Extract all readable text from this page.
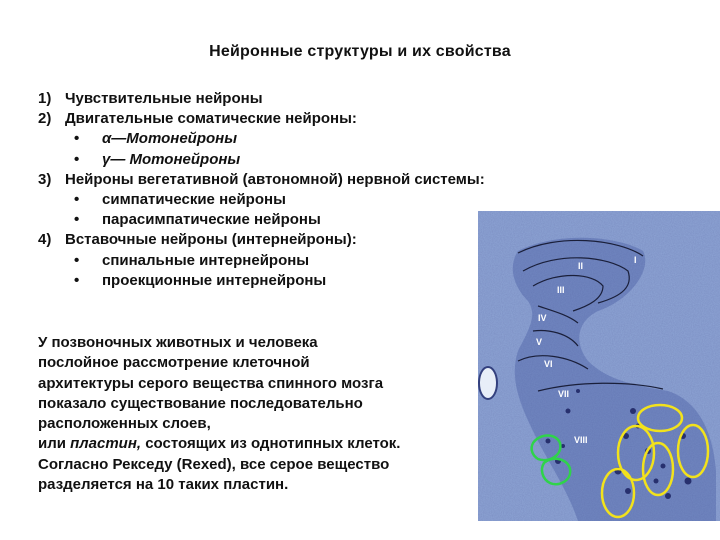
Нейронные структуры и их свойства
1) Чувствительные нейроны
2) Двигательные соматические нейроны:
• α—Мотонейроны
• γ— Мотонейроны
3) Нейроны вегетативной (автономной) нервной системы:
• симпатические нейроны
• парасимпатические нейроны
4) Вставочные нейроны (интернейроны):
• спинальные интернейроны
• проекционные интернейроны
У позвоночных животных и человека
послойное рассмотрение клеточной
архитектуры серого вещества спинного мозга
показало существование последовательно
расположенных слоев,
или пластин, состоящих из однотипных клеток.
Согласно Рекседу (Rexed), все серое вещество
разделяется на 10 таких пластин.
I
II
III
IV
V
VI
VII
VIII
